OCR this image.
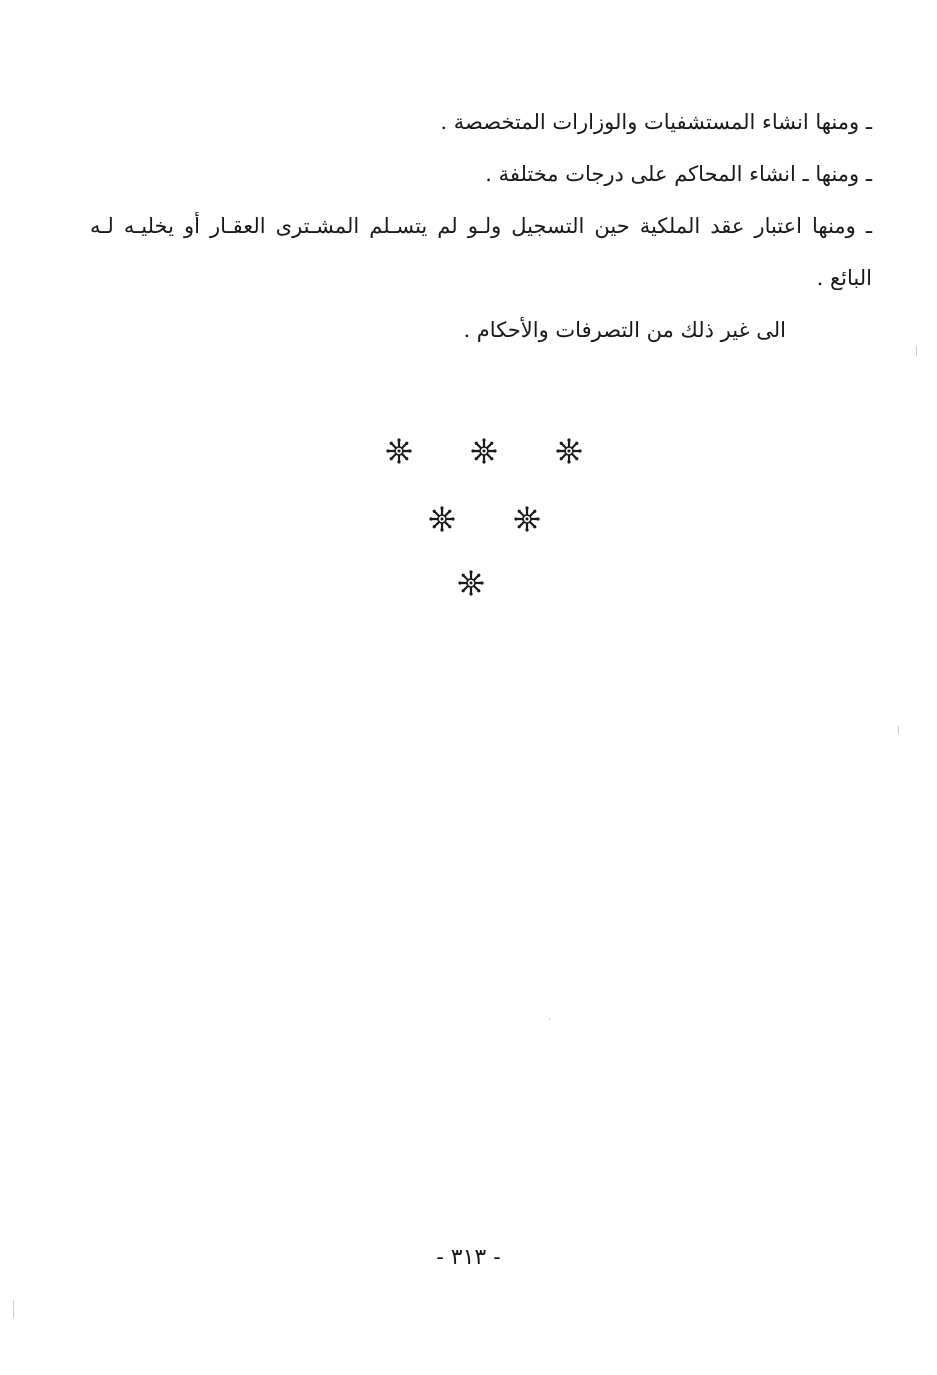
ـ ومنها انشاء المستشفيات والوزارات المتخصصة .

ـ ومنها ـ انشاء المحاكم على درجات مختلفة .

ـ ومنها اعتبار عقد الملكية حين التسجيل ولـو لم يتسـلم المشـترى العقـار أو يخليـه لـه البائع .

الى غير ذلك من التصرفات والأحكام .

- ٣١٣ -
